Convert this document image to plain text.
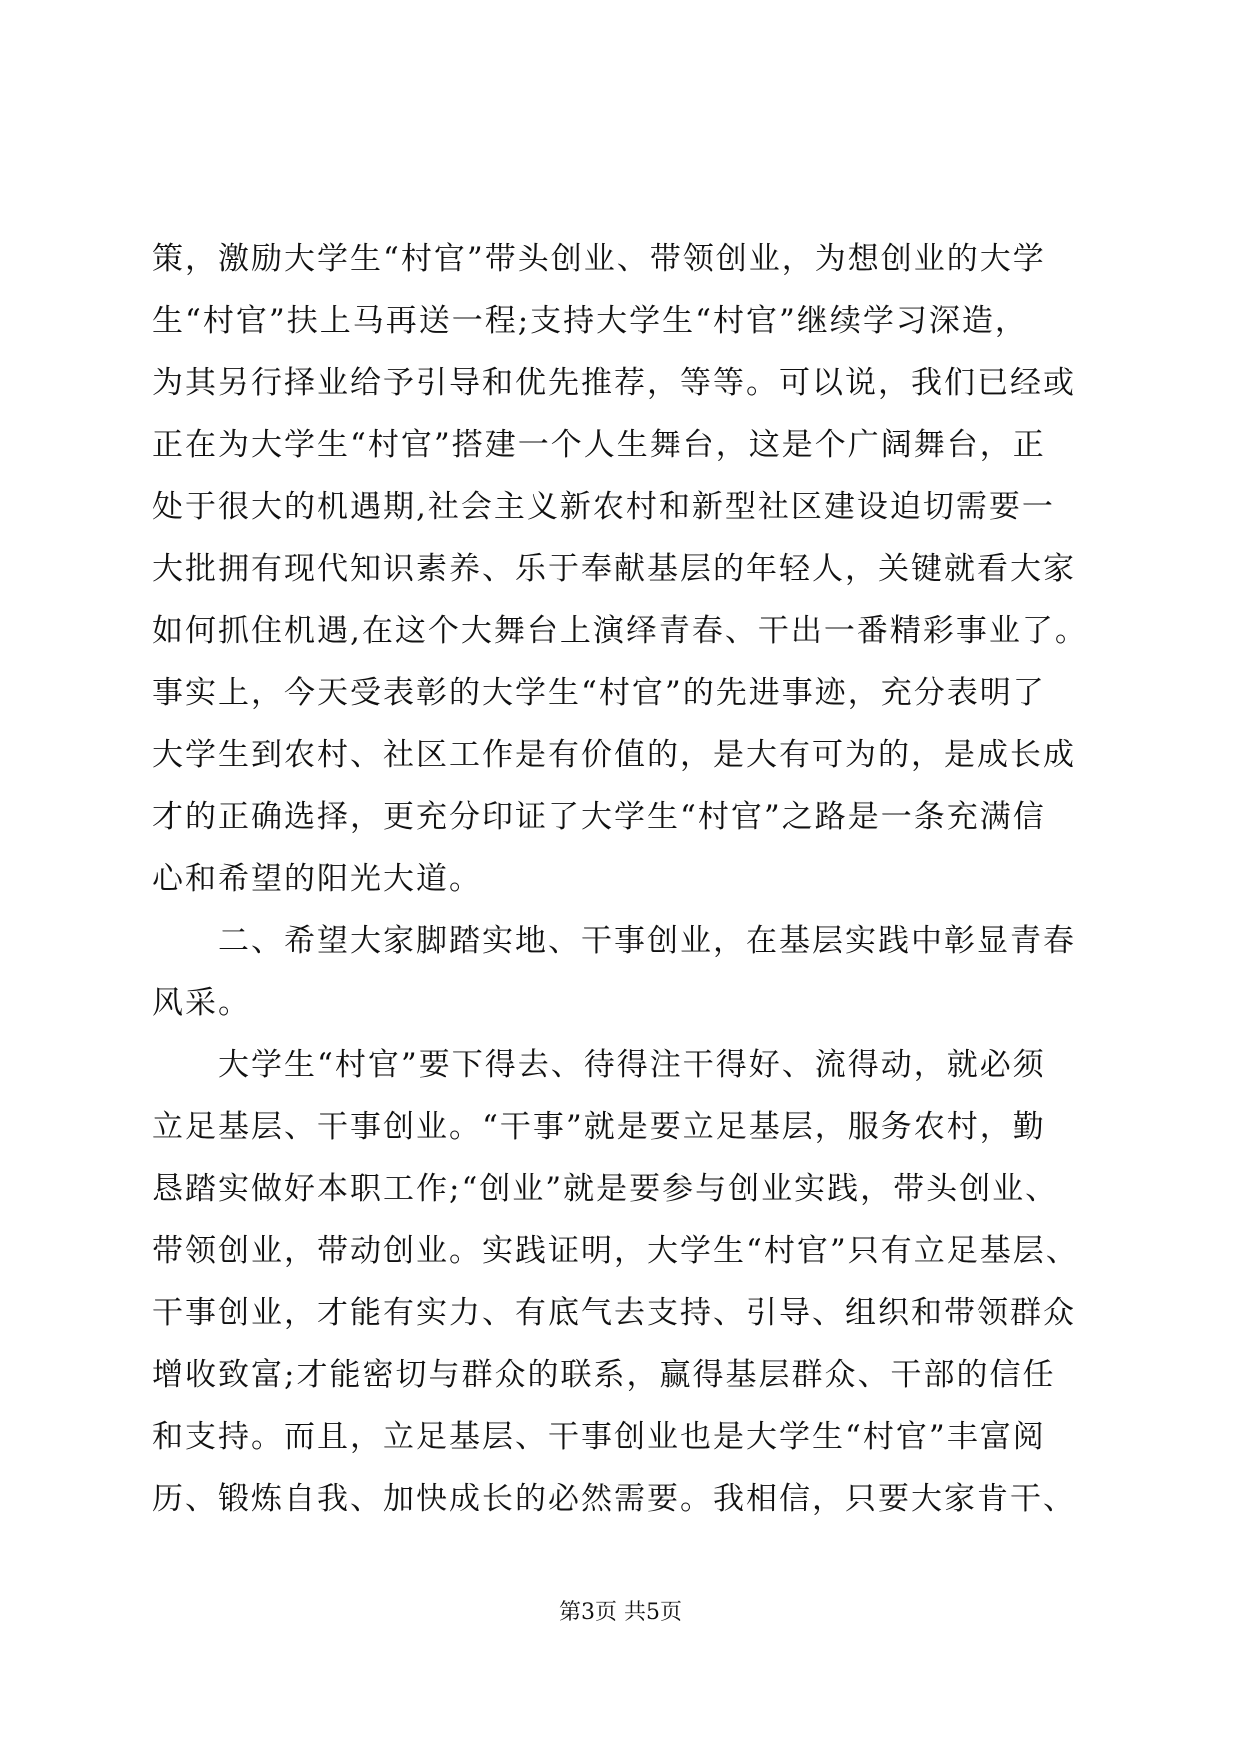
策，激励大学生“村官”带头创业、带领创业，为想创业的大学
生“村官”扶上马再送一程;支持大学生“村官”继续学习深造，
为其另行择业给予引导和优先推荐，等等。可以说，我们已经或
正在为大学生“村官”搭建一个人生舞台，这是个广阔舞台，正
处于很大的机遇期,社会主义新农村和新型社区建设迫切需要一
大批拥有现代知识素养、乐于奉献基层的年轻人，关键就看大家
如何抓住机遇,在这个大舞台上演绎青春、干出一番精彩事业了。
事实上，今天受表彰的大学生“村官”的先进事迹，充分表明了
大学生到农村、社区工作是有价值的，是大有可为的，是成长成
才的正确选择，更充分印证了大学生“村官”之路是一条充满信
心和希望的阳光大道。
　　二、希望大家脚踏实地、干事创业，在基层实践中彰显青春
风采。
　　大学生“村官”要下得去、待得注干得好、流得动，就必须
立足基层、干事创业。“干事”就是要立足基层，服务农村，勤
恳踏实做好本职工作;“创业”就是要参与创业实践，带头创业、
带领创业，带动创业。实践证明，大学生“村官”只有立足基层、
干事创业，才能有实力、有底气去支持、引导、组织和带领群众
增收致富;才能密切与群众的联系，赢得基层群众、干部的信任
和支持。而且，立足基层、干事创业也是大学生“村官”丰富阅
历、锻炼自我、加快成长的必然需要。我相信，只要大家肯干、
第3页 共5页
